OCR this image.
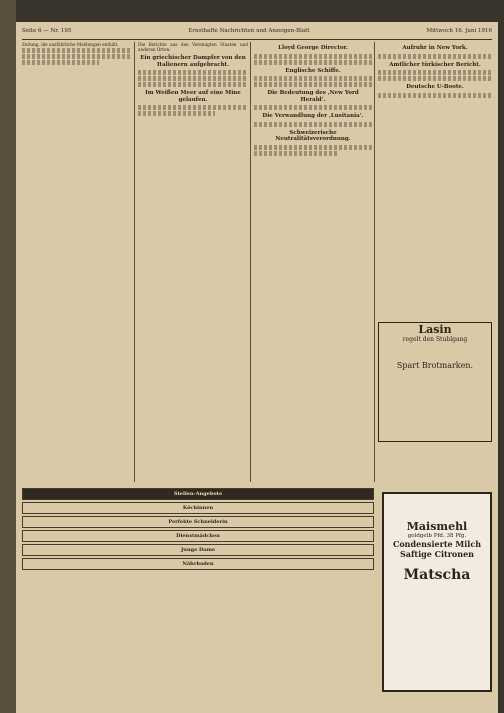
Seite 6 — Nr. 195	Ernsthafte Nachrichten und Anzeigen-Blatt	Mittwoch 16. Juni 1916

Zeitung, die ausführliche Meldungen enthält.	Die Berichte aus den Vereinigten Staaten und anderen Orten.

Ein griechischer Dampfer von den Italienern aufgebracht.
Im Weißen Meer auf eine Mine gelaufen.
Lloyd George Director.
Englische Schiffe.
Die Bedeutung des ‚New Yord Herald‘.
Die Verwandlung der ‚Lusitania‘.
Schweizerische Neutralitätsverordnung.
Aufruhr in New York.
Amtlicher türkischer Bericht.
Deutsche U-Boote.
Lasin
regelt den Stuhlgang
Spart Brotmarken.
Stellen-Angebote
Köchinnen
Perfekte Schneiderin
Dienstmädchen
Junge Dame
Nährboden
Maismehl
goldgelb Pfd. 38 Pfg.
Condensierte Milch
Saftige Citronen
Matscha
